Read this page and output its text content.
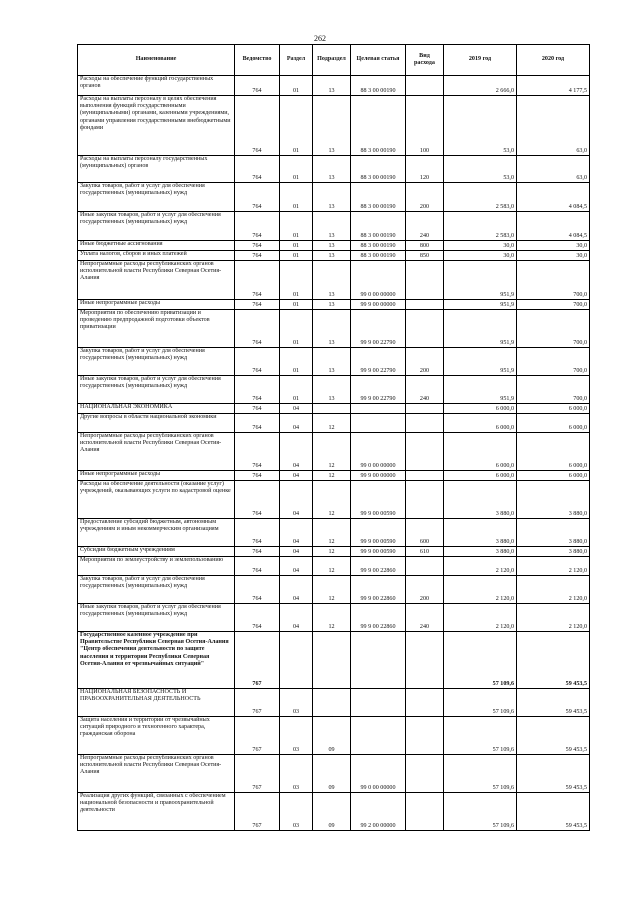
262
Наименование	Ведомство	Раздел	Подраздел	Целевая статья	Вид расхода	2019 год	2020 год
Расходы на обеспечение функций государственных органов	764	01	13	88 3 00 00190		2 666,0	4 177,5
Расходы на выплаты персоналу в целях обеспечения выполнения функций государственными (муниципальными) органами, казенными учреждениями, органами управления государственными внебюджетными фондами	764	01	13	88 3 00 00190	100	53,0	63,0
Расходы на выплаты персоналу государственных (муниципальных) органов	764	01	13	88 3 00 00190	120	53,0	63,0
Закупка товаров, работ и услуг для обеспечения государственных (муниципальных) нужд	764	01	13	88 3 00 00190	200	2 583,0	4 084,5
Иные закупки товаров, работ и услуг для обеспечения государственных (муниципальных) нужд	764	01	13	88 3 00 00190	240	2 583,0	4 084,5
Иные бюджетные ассигнования	764	01	13	88 3 00 00190	800	30,0	30,0
Уплата налогов, сборов и иных платежей	764	01	13	88 3 00 00190	850	30,0	30,0
Непрограммные расходы республиканских органов исполнительной власти Республики Северная Осетия-Алания	764	01	13	99 0 00 00000		951,9	700,0
Иные непрограммные расходы	764	01	13	99 9 00 00000		951,9	700,0
Мероприятия по обеспечению приватизации и проведению предпродажной подготовки объектов приватизации	764	01	13	99 9 00 22790		951,9	700,0
Закупка товаров, работ и услуг для обеспечения государственных (муниципальных) нужд	764	01	13	99 9 00 22790	200	951,9	700,0
Иные закупки товаров, работ и услуг для обеспечения государственных (муниципальных) нужд	764	01	13	99 9 00 22790	240	951,9	700,0
НАЦИОНАЛЬНАЯ ЭКОНОМИКА	764	04				6 000,0	6 000,0
Другие вопросы в области национальной экономики	764	04	12			6 000,0	6 000,0
Непрограммные расходы республиканских органов исполнительной власти Республики Северная Осетия-Алания	764	04	12	99 0 00 00000		6 000,0	6 000,0
Иные непрограммные расходы	764	04	12	99 9 00 00000		6 000,0	6 000,0
Расходы на обеспечение деятельности (оказание услуг) учреждений, оказывающих услуги по кадастровой оценке	764	04	12	99 9 00 00590		3 880,0	3 880,0
Предоставление субсидий бюджетным, автономным учреждениям и иным некоммерческим организациям	764	04	12	99 9 00 00590	600	3 880,0	3 880,0
Субсидии бюджетным учреждениям	764	04	12	99 9 00 00590	610	3 880,0	3 880,0
Мероприятия по землеустройству и землепользованию	764	04	12	99 9 00 22860		2 120,0	2 120,0
Закупка товаров, работ и услуг для обеспечения государственных (муниципальных) нужд	764	04	12	99 9 00 22860	200	2 120,0	2 120,0
Иные закупки товаров, работ и услуг для обеспечения государственных (муниципальных) нужд	764	04	12	99 9 00 22860	240	2 120,0	2 120,0
Государственное казенное учреждение при Правительстве Республики Северная Осетия-Алания "Центр обеспечения деятельности по защите населения и территории Республики Северная Осетия-Алания от чрезвычайных ситуаций"	767					57 109,6	59 453,5
НАЦИОНАЛЬНАЯ БЕЗОПАСНОСТЬ И ПРАВООХРАНИТЕЛЬНАЯ ДЕЯТЕЛЬНОСТЬ	767	03				57 109,6	59 453,5
Защита населения и территории от чрезвычайных ситуаций природного и техногенного характера, гражданская оборона	767	03	09			57 109,6	59 453,5
Непрограммные расходы республиканских органов исполнительной власти Республики Северная Осетия-Алания	767	03	09	99 0 00 00000		57 109,6	59 453,5
Реализация других функций, связанных с обеспечением национальной безопасности и правоохранительной деятельности	767	03	09	99 2 00 00000		57 109,6	59 453,5
